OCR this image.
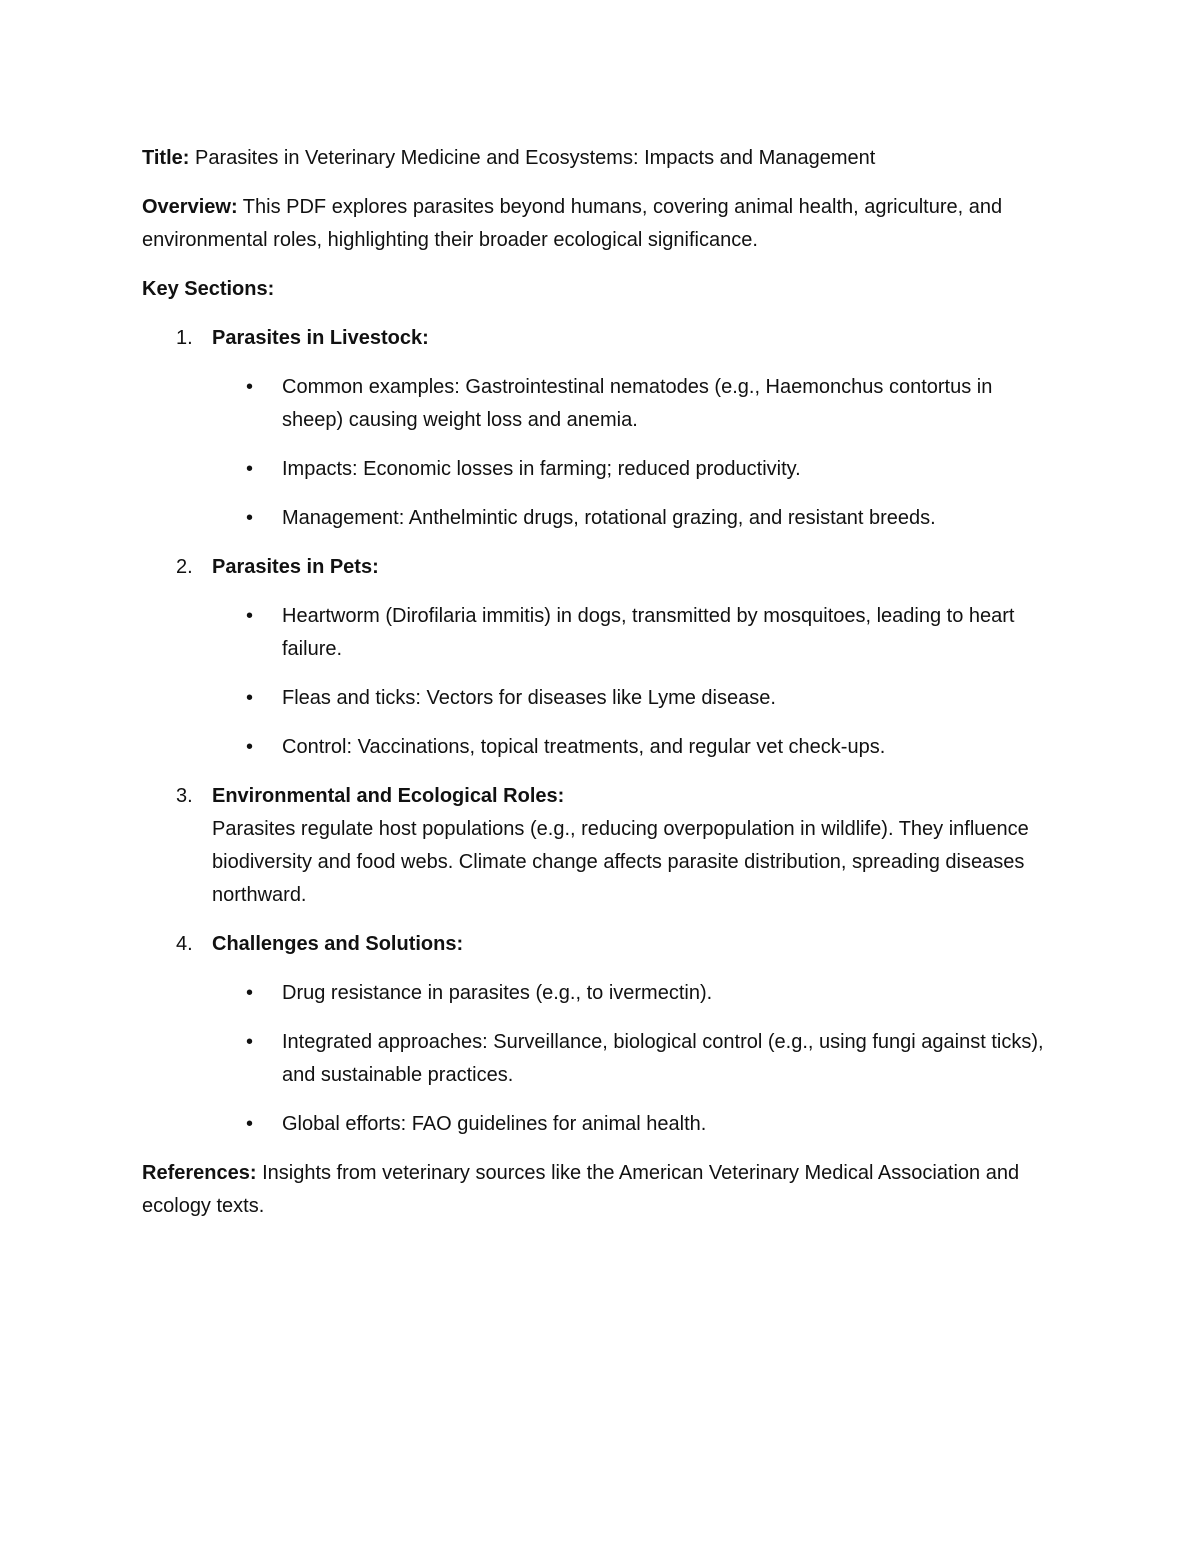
Title: Parasites in Veterinary Medicine and Ecosystems: Impacts and Management

Overview: This PDF explores parasites beyond humans, covering animal health, agriculture, and environmental roles, highlighting their broader ecological significance.

Key Sections:

1. Parasites in Livestock:
• Common examples: Gastrointestinal nematodes (e.g., Haemonchus contortus in sheep) causing weight loss and anemia.
• Impacts: Economic losses in farming; reduced productivity.
• Management: Anthelmintic drugs, rotational grazing, and resistant breeds.
2. Parasites in Pets:
• Heartworm (Dirofilaria immitis) in dogs, transmitted by mosquitoes, leading to heart failure.
• Fleas and ticks: Vectors for diseases like Lyme disease.
• Control: Vaccinations, topical treatments, and regular vet check-ups.
3. Environmental and Ecological Roles:

Parasites regulate host populations (e.g., reducing overpopulation in wildlife). They influence biodiversity and food webs. Climate change affects parasite distribution, spreading diseases northward.

4. Challenges and Solutions:
• Drug resistance in parasites (e.g., to ivermectin).
• Integrated approaches: Surveillance, biological control (e.g., using fungi against ticks), and sustainable practices.
• Global efforts: FAO guidelines for animal health.

References: Insights from veterinary sources like the American Veterinary Medical Association and ecology texts.
